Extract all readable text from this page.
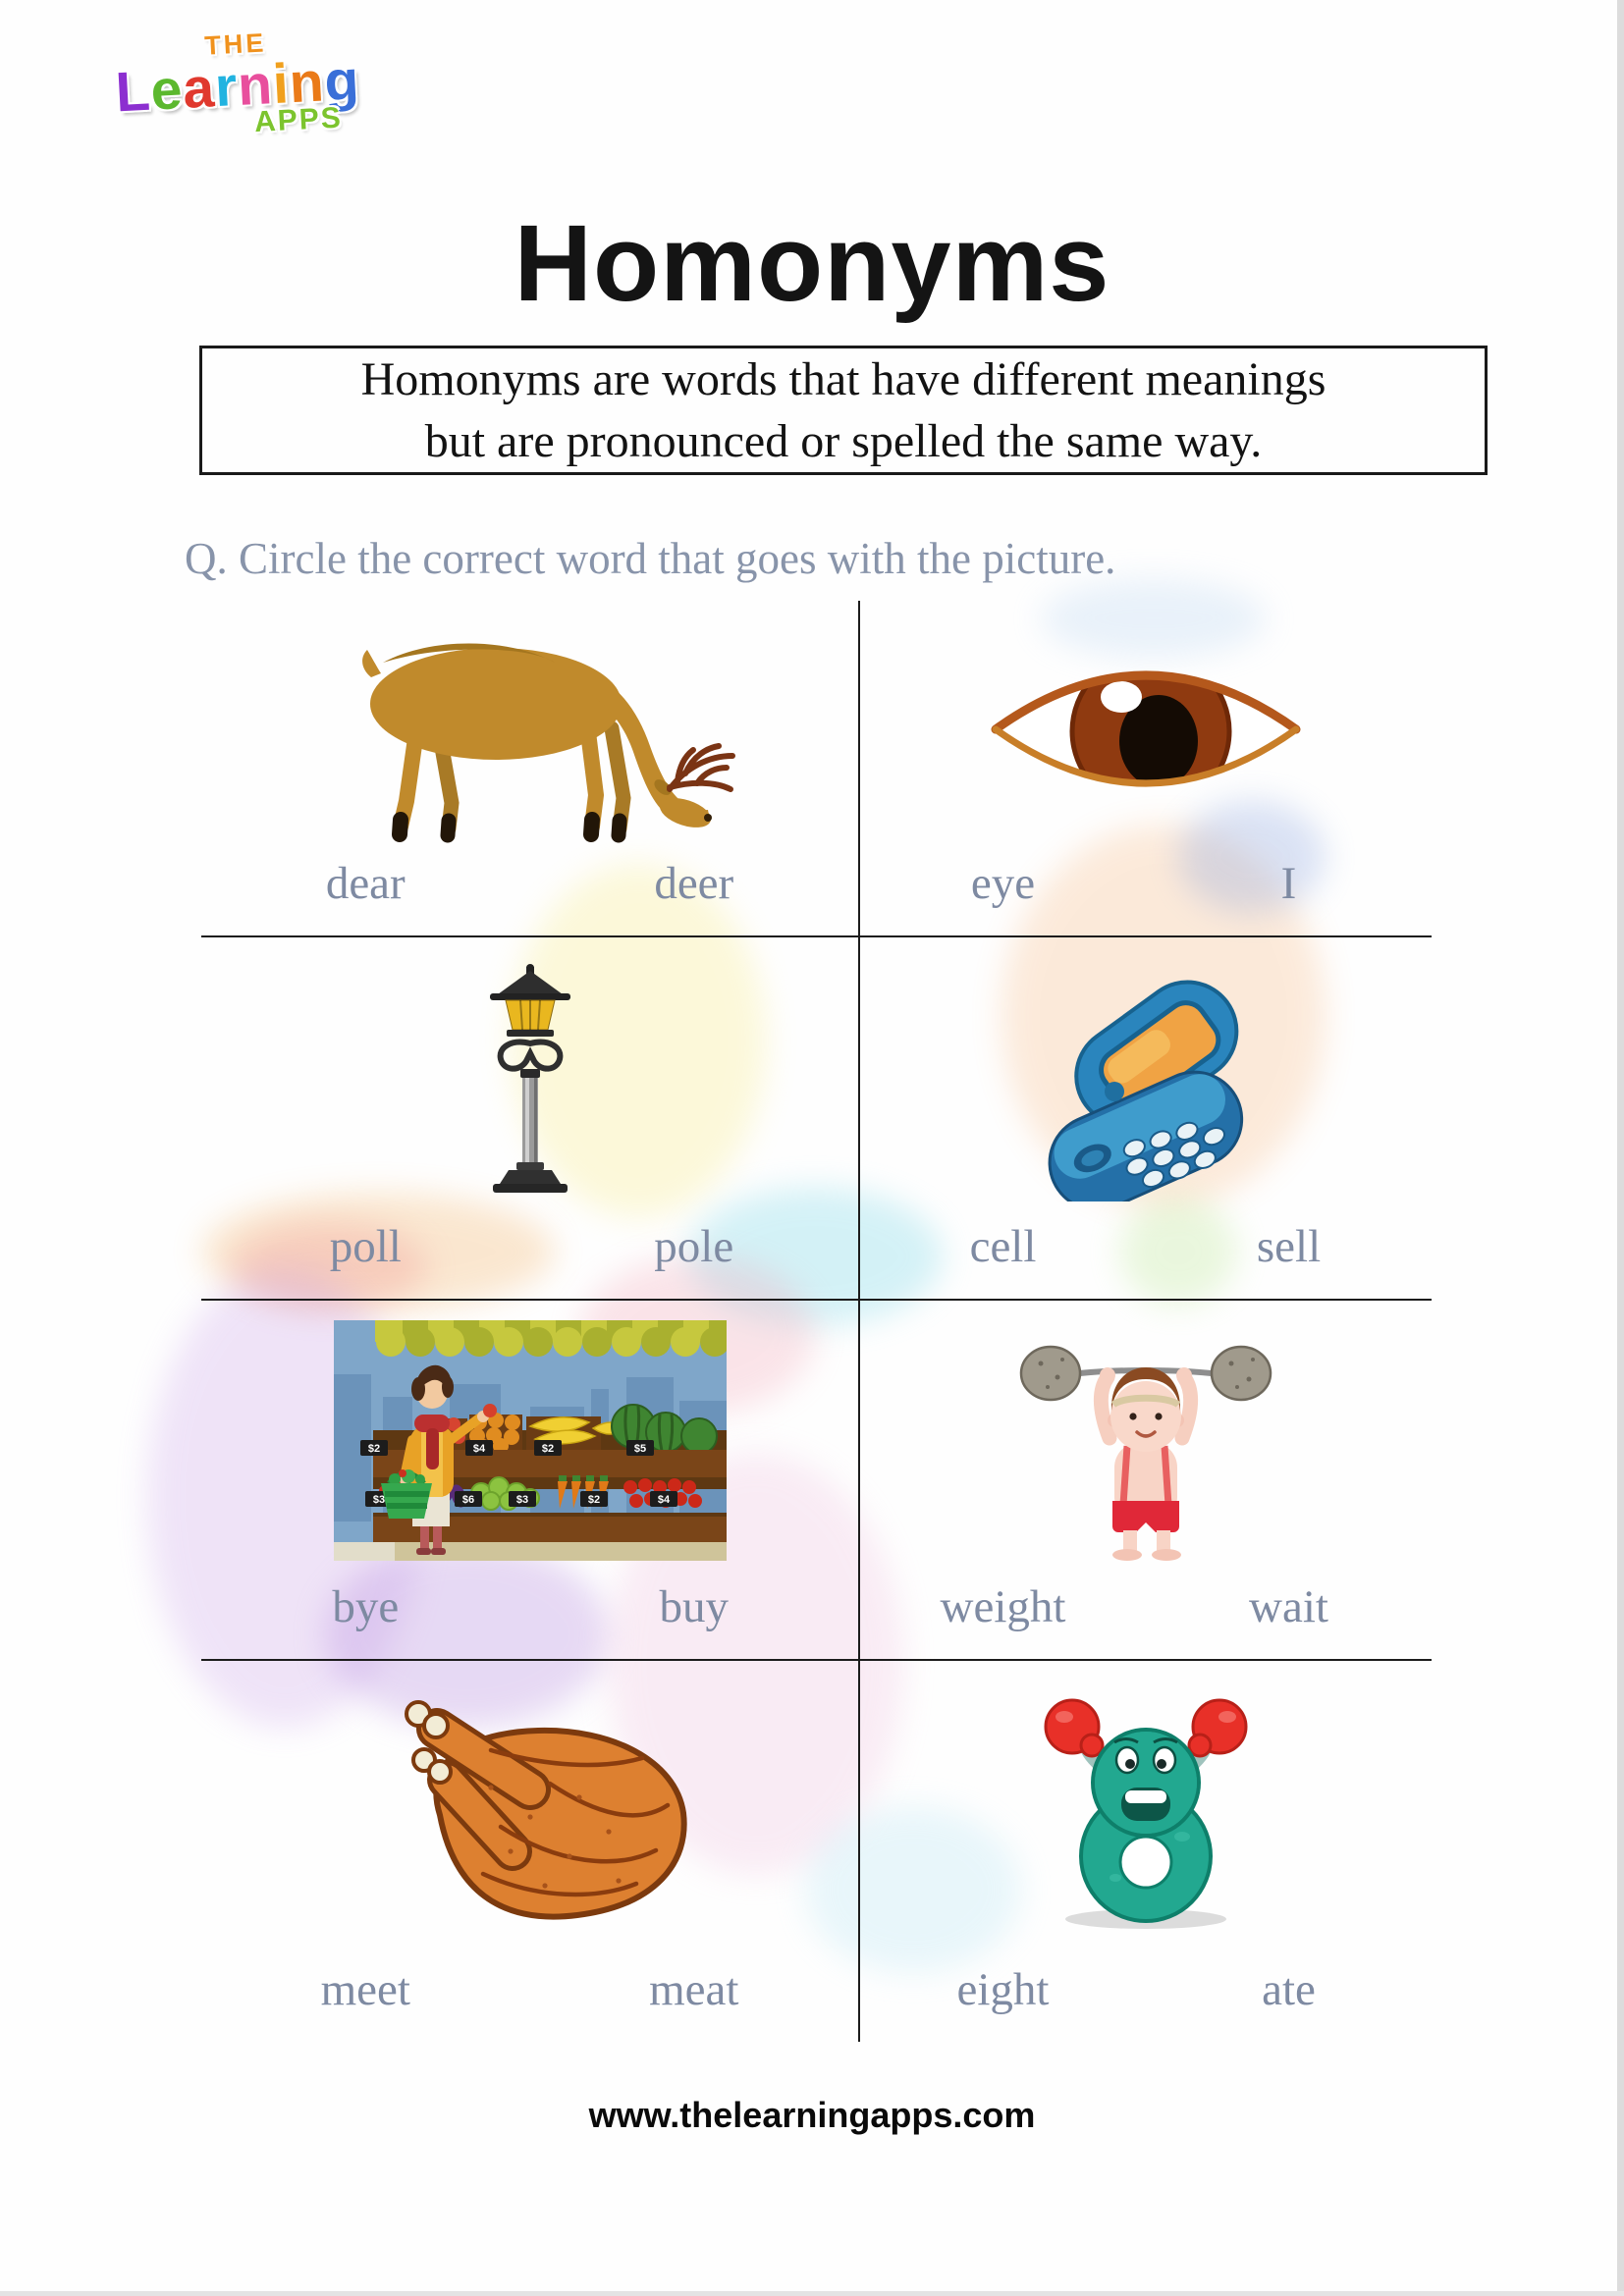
THE
Learning
APPS
Homonyms
Homonyms are words that have different meanings
but are pronounced or spelled the same way.
Q. Circle the correct word that goes with the picture.
dear	deer	eye	I
poll	pole	cell	sell
$2	$4	$2	$5
$3	$6	$3	$2	$4
bye	buy	weight	wait
meet	meat	eight	ate
www.thelearningapps.com
